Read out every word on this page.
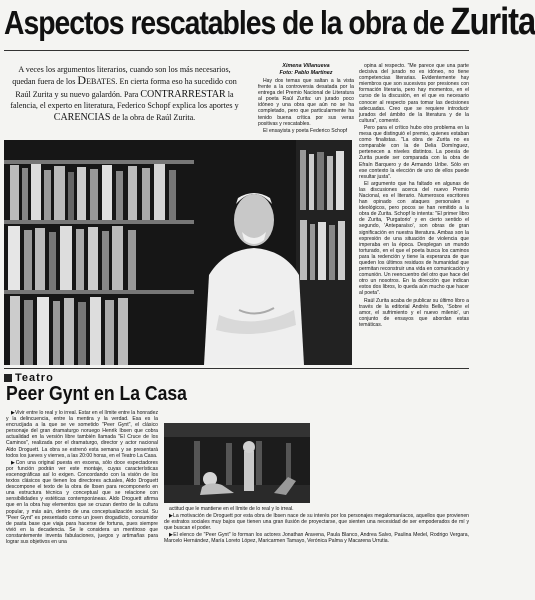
Aspectos rescatables de la obra de Zurita
A veces los argumentos literarios, cuando son los más necesarios, quedan fuera de los Debates. En cierta forma eso ha sucedido con Raúl Zurita y su nuevo galardón. Para contrarrestar la falencia, el experto en literatura, Federico Schopf explica los aportes y carencias de la obra de Raúl Zurita.
Ximena Villanueva
Foto: Pablo Martínez

Hay dos temas que saltan a la vista frente a la controversia desatada por la entrega del Premio Nacional de Literatura al poeta Raúl Zurita: un jurado poco idóneo y una obra que aún no se ha completado, pero que particularmente ha tenido buena crítica por sus veras positivas y rescatables.

El ensayista y poeta Federico Schopf

opina al respecto. "Me parece que una parte decisiva del jurado no es idóneo, no tiene competencias literarias. Evidentemente hay miembros que son sucesivos por presiones con formación literaria, pero hay momentos, en el curso de la discusión, en el que es necesario conocer al respecto para tomar las decisiones adecuadas. Creo que se requiere introducir jurados del ámbito de la literatura y de la cultura", comentó.

Pero para el crítico hubo otro problema en la mesa que distinguió el premio, quienes estaban como finalistas. "La obra de Zurita no es comparable con la de Delia Domínguez, pertenecen a niveles distintos. La poesía de Zurita puede ser comparada con la obra de Efraín Barquero y de Armando Uribe. Sólo en ese contexto la elección de uno de ellos puede resultar justa".

El argumento que ha faltado en algunas de las discusiones acerca del nuevo Premio Nacional, es el literario. Numerosos escritores han opinado con ataques personales e ideológicos, pero pocos se han remitido a la obra de Zurita. Schopf lo intenta: "El primer libro de Zurita, 'Purgatorio' y en cierto sentido el segundo, 'Anteparaíso', son obras de gran significación en nuestra literatura. Ambas son la expresión de una situación de violencia que imperaba en la época. Desplegan un mundo torturado, en el que el poeta busca los caminos para la redención y tiene la esperanza de que queden los últimos residuos de humanidad que permitan reconstruir una vida en comunicación y comunión. Un reencuentro del otro que hace del otro un nosotros. En la dirección que indican estos dos libros, lo queda aún mucho que hacer al poeta".

Raúl Zurita acaba de publicar su último libro a través de la editorial Andrés Bello, 'Sobre el amor, el sufrimiento y el nuevo milenio', un conjunto de ensayos que abordan estas temáticas.

Teatro
Peer Gynt en La Casa

▶Vivir entre lo real y lo irreal. Estar en el límite entre la honradez y la delincuencia, entre la mentira y la verdad. Esa es la encrucijada a la que se ve sometido "Peer Gynt", el clásico personaje del gran dramaturgo noruego Henrik Ibsen que cobra actualidad en la versión libre también llamada "El Cruce de los Caminos", realizada por el dramaturgo, director y actor nacional Aldo Droguett. La obra se estrenó esta semana y se presentará todos los jueves y viernes, a las 20:00 horas, en el Teatro La Casa.

▶Con una original puesta en escena, sólo doce espectadores por función podrán ver este montaje, cuyas características escenográficas así lo exigen. Concordando con la visión de los textos clásicos que tienen los directores actuales, Aldo Droguett descompone el texto de la obra de Ibsen para recomponerlo en una estructura técnica y conceptual que se relacione con sensibilidades y estéticas contemporáneas. Aldo Droguett afirma que en la obra hay elementos que se cruzan dentro de la cultura popular, y más aún, dentro de una conceptualización social. Su "Peer Gynt" es presentado como un joven drogadicto, consumidor de pasta base que viaja para hacerse de fortuna, pues siempre vivió en la decadencia. Se le considera un mentiroso que constantemente inventa fabulaciones, juegos y artimañas para lograr sus objetivos en una

actitud que le mantiene en el límite de lo real y lo irreal.

▶La motivación de Droguett por esta obra de Ibsen nace de su interés por los personajes megalomaníacos, aquellos que provienen de estratos sociales muy bajos que tienen una gran ilusión de proyectarse, que sienten una necesidad de ser empoderados de mí y que buscan el poder.

▶El elenco de "Peer Gynt" lo forman los actores Jonathan Aravena, Paula Blanco, Andrea Salvo, Paulina Medel, Rodrigo Vergara, Marcelo Hernández, María Loreto López, Maricarmen Tamayo, Verónica Palma y Macarena Urrutia.
